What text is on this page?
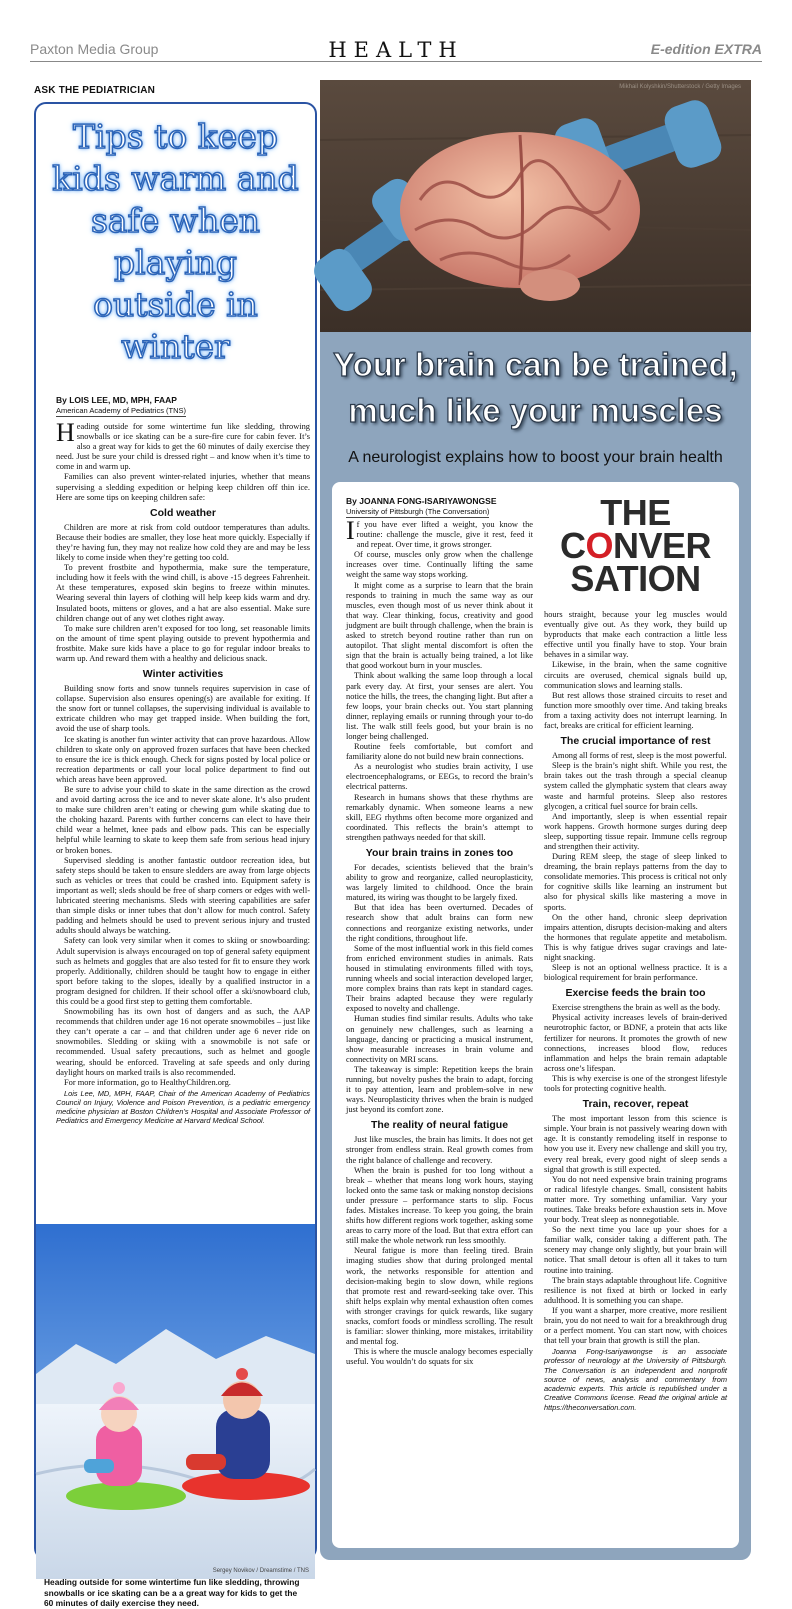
Paxton Media Group	HEALTH	E-edition EXTRA
ASK THE PEDIATRICIAN
Tips to keep kids warm and safe when playing outside in winter
By LOIS LEE, MD, MPH, FAAP
American Academy of Pediatrics (TNS)

Heading outside for some wintertime fun like sledding, throwing snowballs or ice skating can be a sure-fire cure for cabin fever. It’s also a great way for kids to get the 60 minutes of daily exercise they need. Just be sure your child is dressed right – and know when it’s time to come in and warm up.

Families can also prevent winter-related injuries, whether that means supervising a sledding expedition or helping keep children off thin ice. Here are some tips on keeping children safe:

Cold weather

Children are more at risk from cold outdoor temperatures than adults. Because their bodies are smaller, they lose heat more quickly. Especially if they’re having fun, they may not realize how cold they are and may be less likely to come inside when they’re getting too cold.

To prevent frostbite and hypothermia, make sure the temperature, including how it feels with the wind chill, is above -15 degrees Fahrenheit. At these temperatures, exposed skin begins to freeze within minutes. Wearing several thin layers of clothing will help keep kids warm and dry. Insulated boots, mittens or gloves, and a hat are also essential. Make sure children change out of any wet clothes right away.

To make sure children aren’t exposed for too long, set reasonable limits on the amount of time spent playing outside to prevent hypothermia and frostbite. Make sure kids have a place to go for regular indoor breaks to warm up. And reward them with a healthy and delicious snack.

Winter activities

Building snow forts and snow tunnels requires supervision in case of collapse. Supervision also ensures opening(s) are available for exiting. If the snow fort or tunnel collapses, the supervising individual is available to extricate children who may get trapped inside. When building the fort, avoid the use of sharp tools.

Ice skating is another fun winter activity that can prove hazardous. Allow children to skate only on approved frozen surfaces that have been checked to ensure the ice is thick enough. Check for signs posted by local police or recreation departments or call your local police department to find out which areas have been approved.

Be sure to advise your child to skate in the same direction as the crowd and avoid darting across the ice and to never skate alone. It’s also prudent to make sure children aren’t eating or chewing gum while skating due to the choking hazard. Parents with further concerns can elect to have their child wear a helmet, knee pads and elbow pads. This can be especially helpful while learning to skate to keep them safe from serious head injury or broken bones.

Supervised sledding is another fantastic outdoor recreation idea, but safety steps should be taken to ensure sledders are away from large objects such as vehicles or trees that could be crashed into. Equipment safety is important as well; sleds should be free of sharp corners or edges with well-lubricated steering mechanisms. Sleds with steering capabilities are safer than simple disks or inner tubes that don’t allow for much control. Safety padding and helmets should be used to prevent serious injury and trusted adults should always be watching.

Safety can look very similar when it comes to skiing or snowboarding: Adult supervision is always encouraged on top of general safety equipment such as helmets and goggles that are also tested for fit to ensure they work properly. Additionally, children should be taught how to engage in either sport before taking to the slopes, ideally by a qualified instructor in a program designed for children. If their school offer a ski/snowboard club, this could be a good first step to getting them comfortable.

Snowmobiling has its own host of dangers and as such, the AAP recommends that children under age 16 not operate snowmobiles – just like they can’t operate a car – and that children under age 6 never ride on snowmobiles. Sledding or skiing with a snowmobile is not safe or recommended. Usual safety precautions, such as helmet and google wearing, should be enforced. Traveling at safe speeds and only during daylight hours on marked trails is also recommended.

For more information, go to HealthyChildren.org.

Lois Lee, MD, MPH, FAAP, Chair of the American Academy of Pediatrics Council on Injury, Violence and Poison Prevention, is a pediatric emergency medicine physician at Boston Children’s Hospital and Associate Professor of Pediatrics and Emergency Medicine at Harvard Medical School.
Sergey Novikov / Dreamstime / TNS
Heading outside for some wintertime fun like sledding, throwing snowballs or ice skating can be a a great way for kids to get the 60 minutes of daily exercise they need.
Mikhail Kolyshkin/Shutterstock / Getty Images
Your brain can be trained,
much like your muscles
A neurologist explains how to boost your brain health
By JOANNA FONG-ISARIYAWONGSE
University of Pittsburgh (The Conversation)	THE
CONVER
SATION

If you have ever lifted a weight, you know the routine: challenge the muscle, give it rest, feed it and repeat. Over time, it grows stronger.

Of course, muscles only grow when the challenge increases over time. Continually lifting the same weight the same way stops working.

It might come as a surprise to learn that the brain responds to training in much the same way as our muscles, even though most of us never think about it that way. Clear thinking, focus, creativity and good judgment are built through challenge, when the brain is asked to stretch beyond routine rather than run on autopilot. That slight mental discomfort is often the sign that the brain is actually being trained, a lot like that good workout burn in your muscles.

Think about walking the same loop through a local park every day. At first, your senses are alert. You notice the hills, the trees, the changing light. But after a few loops, your brain checks out. You start planning dinner, replaying emails or running through your to-do list. The walk still feels good, but your brain is no longer being challenged.

Routine feels comfortable, but comfort and familiarity alone do not build new brain connections.

As a neurologist who studies brain activity, I use electroencephalograms, or EEGs, to record the brain’s electrical patterns.

Research in humans shows that these rhythms are remarkably dynamic. When someone learns a new skill, EEG rhythms often become more organized and coordinated. This reflects the brain’s attempt to strengthen pathways needed for that skill.

Your brain trains in zones too

For decades, scientists believed that the brain’s ability to grow and reorganize, called neuroplasticity, was largely limited to childhood. Once the brain matured, its wiring was thought to be largely fixed.

But that idea has been overturned. Decades of research show that adult brains can form new connections and reorganize existing networks, under the right conditions, throughout life.

Some of the most influential work in this field comes from enriched environment studies in animals. Rats housed in stimulating environments filled with toys, running wheels and social interaction developed larger, more complex brains than rats kept in standard cages. Their brains adapted because they were regularly exposed to novelty and challenge.

Human studies find similar results. Adults who take on genuinely new challenges, such as learning a language, dancing or practicing a musical instrument, show measurable increases in brain volume and connectivity on MRI scans.

The takeaway is simple: Repetition keeps the brain running, but novelty pushes the brain to adapt, forcing it to pay attention, learn and problem-solve in new ways. Neuroplasticity thrives when the brain is nudged just beyond its comfort zone.

The reality of neural fatigue

Just like muscles, the brain has limits. It does not get stronger from endless strain. Real growth comes from the right balance of challenge and recovery.

When the brain is pushed for too long without a break – whether that means long work hours, staying locked onto the same task or making nonstop decisions under pressure – performance starts to slip. Focus fades. Mistakes increase. To keep you going, the brain shifts how different regions work together, asking some areas to carry more of the load. But that extra effort can still make the whole network run less smoothly.

Neural fatigue is more than feeling tired. Brain imaging studies show that during prolonged mental work, the networks responsible for attention and decision-making begin to slow down, while regions that promote rest and reward-seeking take over. This shift helps explain why mental exhaustion often comes with stronger cravings for quick rewards, like sugary snacks, comfort foods or mindless scrolling. The result is familiar: slower thinking, more mistakes, irritability and mental fog.

This is where the muscle analogy becomes especially useful. You wouldn’t do squats for six

hours straight, because your leg muscles would eventually give out. As they work, they build up byproducts that make each contraction a little less effective until you finally have to stop. Your brain behaves in a similar way.

Likewise, in the brain, when the same cognitive circuits are overused, chemical signals build up, communication slows and learning stalls.

But rest allows those strained circuits to reset and function more smoothly over time. And taking breaks from a taxing activity does not interrupt learning. In fact, breaks are critical for efficient learning.

The crucial importance of rest

Among all forms of rest, sleep is the most powerful.

Sleep is the brain’s night shift. While you rest, the brain takes out the trash through a special cleanup system called the glymphatic system that clears away waste and harmful proteins. Sleep also restores glycogen, a critical fuel source for brain cells.

And importantly, sleep is when essential repair work happens. Growth hormone surges during deep sleep, supporting tissue repair. Immune cells regroup and strengthen their activity.

During REM sleep, the stage of sleep linked to dreaming, the brain replays patterns from the day to consolidate memories. This process is critical not only for cognitive skills like learning an instrument but also for physical skills like mastering a move in sports.

On the other hand, chronic sleep deprivation impairs attention, disrupts decision-making and alters the hormones that regulate appetite and metabolism. This is why fatigue drives sugar cravings and late-night snacking.

Sleep is not an optional wellness practice. It is a biological requirement for brain performance.

Exercise feeds the brain too

Exercise strengthens the brain as well as the body.

Physical activity increases levels of brain-derived neurotrophic factor, or BDNF, a protein that acts like fertilizer for neurons. It promotes the growth of new connections, increases blood flow, reduces inflammation and helps the brain remain adaptable across one’s lifespan.

This is why exercise is one of the strongest lifestyle tools for protecting cognitive health.

Train, recover, repeat

The most important lesson from this science is simple. Your brain is not passively wearing down with age. It is constantly remodeling itself in response to how you use it. Every new challenge and skill you try, every real break, every good night of sleep sends a signal that growth is still expected.

You do not need expensive brain training programs or radical lifestyle changes. Small, consistent habits matter more. Try something unfamiliar. Vary your routines. Take breaks before exhaustion sets in. Move your body. Treat sleep as nonnegotiable.

So the next time you lace up your shoes for a familiar walk, consider taking a different path. The scenery may change only slightly, but your brain will notice. That small detour is often all it takes to turn routine into training.

The brain stays adaptable throughout life. Cognitive resilience is not fixed at birth or locked in early adulthood. It is something you can shape.

If you want a sharper, more creative, more resilient brain, you do not need to wait for a breakthrough drug or a perfect moment. You can start now, with choices that tell your brain that growth is still the plan.

Joanna Fong-Isariyawongse is an associate professor of neurology at the University of Pittsburgh. The Conversation is an independent and nonprofit source of news, analysis and commentary from academic experts. This article is republished under a Creative Commons license. Read the original article at https://theconversation.com.
